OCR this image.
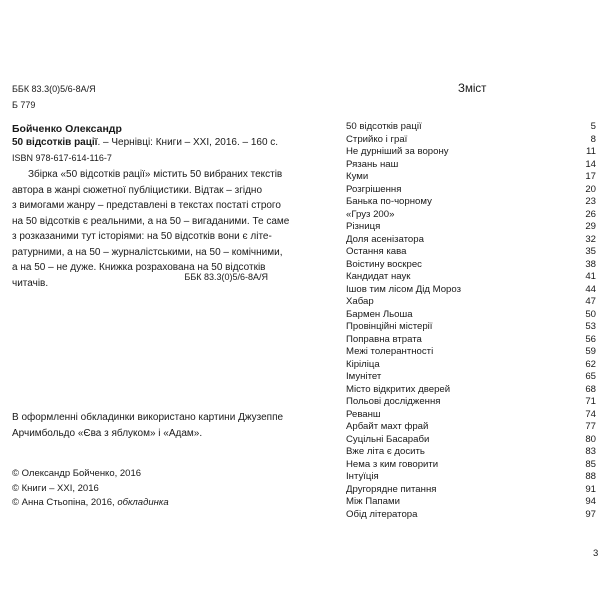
ББК 83.3(0)5/6-8А/Я
Б 779
Бойченко Олександр
50 відсотків рації. – Чернівці: Книги – ХХІ, 2016. – 160 с.
ISBN 978-617-614-116-7
Збірка «50 відсотків рації» містить 50 вибраних текстів
автора в жанрі сюжетної публіцистики. Відтак – згідно
з вимогами жанру – представлені в текстах постаті строго
на 50 відсотків є реальними, а на 50 – вигаданими. Те саме
з розказаними тут історіями: на 50 відсотків вони є літе-
ратурними, а на 50 – журналістськими, на 50 – комічними,
а на 50 – не дуже. Книжка розрахована на 50 відсотків
читачів.
ББК 83.3(0)5/6-8А/Я
В оформленні обкладинки використано картини Джузеппе
Арчимбольдо «Єва з яблуком» і «Адам».
© Олександр Бойченко, 2016
© Книги – ХХІ, 2016
© Анна Стьопіна, 2016, обкладинка
Зміст
50 відсотків рації	5
Стрийко і граї	8
Не дурніший за ворону	11
Рязань наш	14
Куми	17
Розгрішення	20
Банька по-чорному	23
«Груз 200»	26
Різниця	29
Доля асенізатора	32
Остання кава	35
Воістину воскрес	38
Кандидат наук	41
Ішов тим лісом Дід Мороз	44
Хабар	47
Бармен Льоша	50
Провінційні містерії	53
Поправна втрата	56
Межі толерантності	59
Кіріліца	62
Імунітет	65
Місто відкритих дверей	68
Польові дослідження	71
Реванш	74
Арбайт махт фрай	77
Суцільні Басараби	80
Вже літа є досить	83
Нема з ким говорити	85
Інтуїція	88
Другорядне питання	91
Між Папами	94
Обід літератора	97
3
